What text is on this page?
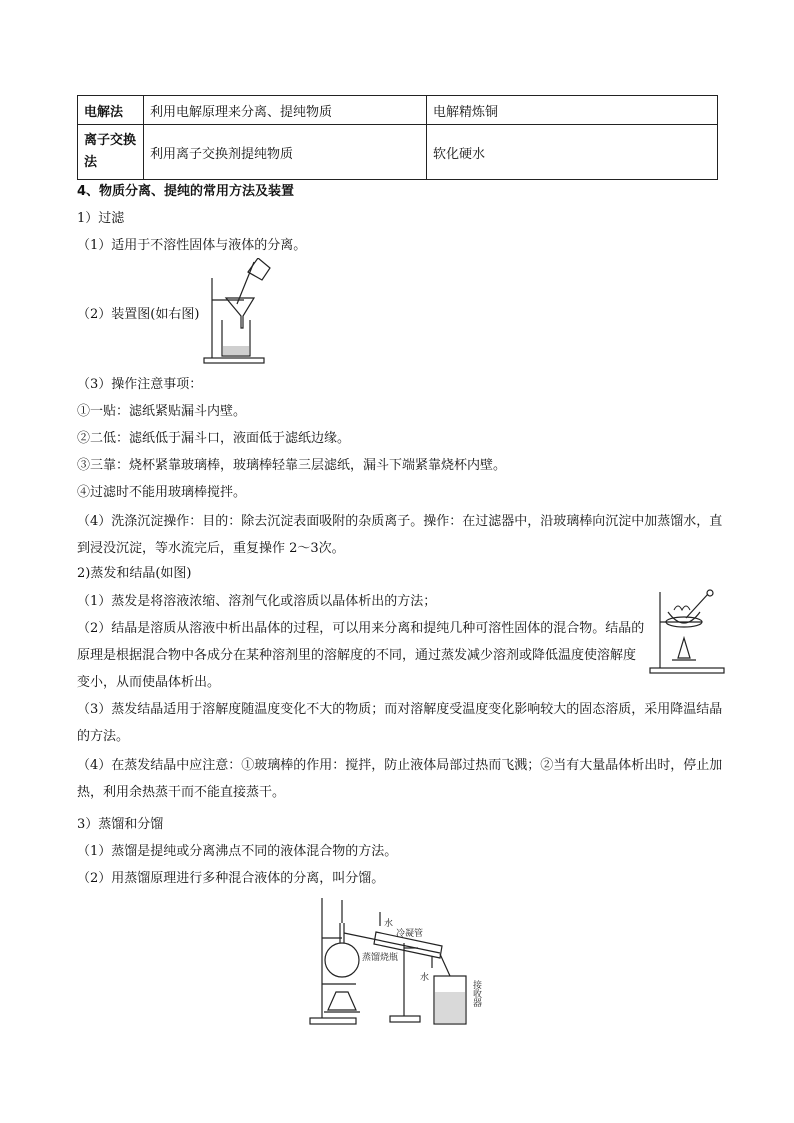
电解法	利用电解原理来分离、提纯物质	电解精炼铜
离子交换法	利用离子交换剂提纯物质	软化硬水
4、物质分离、提纯的常用方法及装置
1）过滤
（1）适用于不溶性固体与液体的分离。
（2）装置图(如右图)
（3）操作注意事项：
①一贴：滤纸紧贴漏斗内壁。
②二低：滤纸低于漏斗口，液面低于滤纸边缘。
③三靠：烧杯紧靠玻璃棒，玻璃棒轻靠三层滤纸，漏斗下端紧靠烧杯内壁。
④过滤时不能用玻璃棒搅拌。
（4）洗涤沉淀操作：目的：除去沉淀表面吸附的杂质离子。操作：在过滤器中，沿玻璃棒向沉淀中加蒸馏水，直到浸没沉淀，等水流完后，重复操作 2～3次。
2)蒸发和结晶(如图)
（1）蒸发是将溶液浓缩、溶剂气化或溶质以晶体析出的方法；
（2）结晶是溶质从溶液中析出晶体的过程，可以用来分离和提纯几种可溶性固体的混合物。结晶的原理是根据混合物中各成分在某种溶剂里的溶解度的不同，通过蒸发减少溶剂或降低温度使溶解度变小，从而使晶体析出。
（3）蒸发结晶适用于溶解度随温度变化不大的物质；而对溶解度受温度变化影响较大的固态溶质，采用降温结晶的方法。
（4）在蒸发结晶中应注意：①玻璃棒的作用：搅拌，防止液体局部过热而飞溅；②当有大量晶体析出时，停止加热，利用余热蒸干而不能直接蒸干。
3）蒸馏和分馏
（1）蒸馏是提纯或分离沸点不同的液体混合物的方法。
（2）用蒸馏原理进行多种混合液体的分离，叫分馏。
水
冷凝管
水
蒸馏烧瓶
接收器
